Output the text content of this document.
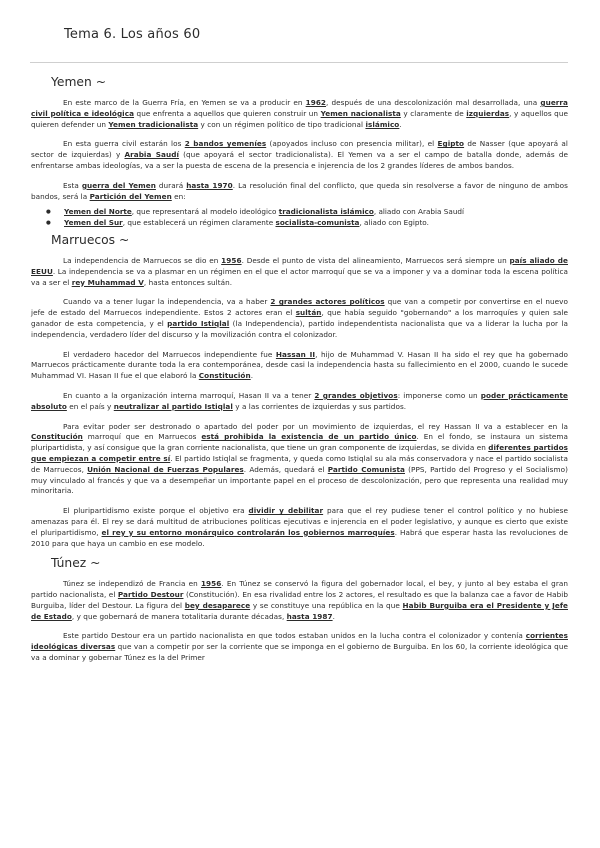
Tema 6. Los años 60
Yemen ~

En este marco de la Guerra Fría, en Yemen se va a producir en 1962, después de una descolonización mal desarrollada, una guerra civil política e ideológica que enfrenta a aquellos que quieren construir un Yemen nacionalista y claramente de izquierdas, y aquellos que quieren defender un Yemen tradicionalista y con un régimen político de tipo tradicional islámico.

En esta guerra civil estarán los 2 bandos yemeníes (apoyados incluso con presencia militar), el Egipto de Nasser (que apoyará al sector de izquierdas) y Arabia Saudí (que apoyará el sector tradicionalista). El Yemen va a ser el campo de batalla donde, además de enfrentarse ambas ideologías, va a ser la puesta de escena de la presencia e injerencia de los 2 grandes líderes de ambos bandos.

Esta guerra del Yemen durará hasta 1970. La resolución final del conflicto, que queda sin resolverse a favor de ninguno de ambos bandos, será la Partición del Yemen en:

● Yemen del Norte, que representará al modelo ideológico tradicionalista islámico, aliado con Arabia Saudí
● Yemen del Sur, que establecerá un régimen claramente socialista-comunista, aliado con Egipto.
Marruecos ~

La independencia de Marruecos se dio en 1956. Desde el punto de vista del alineamiento, Marruecos será siempre un país aliado de EEUU. La independencia se va a plasmar en un régimen en el que el actor marroquí que se va a imponer y va a dominar toda la escena política va a ser el rey Muhammad V, hasta entonces sultán.

Cuando va a tener lugar la independencia, va a haber 2 grandes actores políticos que van a competir por convertirse en el nuevo jefe de estado del Marruecos independiente. Estos 2 actores eran el sultán, que había seguido "gobernando" a los marroquíes y quien sale ganador de esta competencia, y el partido Istiqlal (la Independencia), partido independentista nacionalista que va a liderar la lucha por la independencia, verdadero líder del discurso y la movilización contra el colonizador.

El verdadero hacedor del Marruecos independiente fue Hassan II, hijo de Muhammad V. Hasan II ha sido el rey que ha gobernado Marruecos prácticamente durante toda la era contemporánea, desde casi la independencia hasta su fallecimiento en el 2000, cuando le sucede Muhammad VI. Hasan II fue el que elaboró la Constitución.

En cuanto a la organización interna marroquí, Hasan II va a tener 2 grandes objetivos: imponerse como un poder prácticamente absoluto en el país y neutralizar al partido Istiqlal y a las corrientes de izquierdas y sus partidos.

Para evitar poder ser destronado o apartado del poder por un movimiento de izquierdas, el rey Hassan II va a establecer en la Constitución marroquí que en Marruecos está prohibida la existencia de un partido único. En el fondo, se instaura un sistema pluripartidista, y así consigue que la gran corriente nacionalista, que tiene un gran componente de izquierdas, se divida en diferentes partidos que empiezan a competir entre sí. El partido Istiqlal se fragmenta, y queda como Istiqlal su ala más conservadora y nace el partido socialista de Marruecos, Unión Nacional de Fuerzas Populares. Además, quedará el Partido Comunista (PPS, Partido del Progreso y el Socialismo) muy vinculado al francés y que va a desempeñar un importante papel en el proceso de descolonización, pero que representa una realidad muy minoritaria.

El pluripartidismo existe porque el objetivo era dividir y debilitar para que el rey pudiese tener el control político y no hubiese amenazas para él. El rey se dará multitud de atribuciones políticas ejecutivas e injerencia en el poder legislativo, y aunque es cierto que existe el pluripartidismo, el rey y su entorno monárquico controlarán los gobiernos marroquíes. Habrá que esperar hasta las revoluciones de 2010 para que haya un cambio en ese modelo.

Túnez ~

Túnez se independizó de Francia en 1956. En Túnez se conservó la figura del gobernador local, el bey, y junto al bey estaba el gran partido nacionalista, el Partido Destour (Constitución). En esa rivalidad entre los 2 actores, el resultado es que la balanza cae a favor de Habib Burguiba, líder del Destour. La figura del bey desaparece y se constituye una república en la que Habib Burguiba era el Presidente y Jefe de Estado, y que gobernará de manera totalitaria durante décadas, hasta 1987.

Este partido Destour era un partido nacionalista en que todos estaban unidos en la lucha contra el colonizador y contenía corrientes ideológicas diversas que van a competir por ser la corriente que se imponga en el gobierno de Burguiba. En los 60, la corriente ideológica que va a dominar y gobernar Túnez es la del Primer
